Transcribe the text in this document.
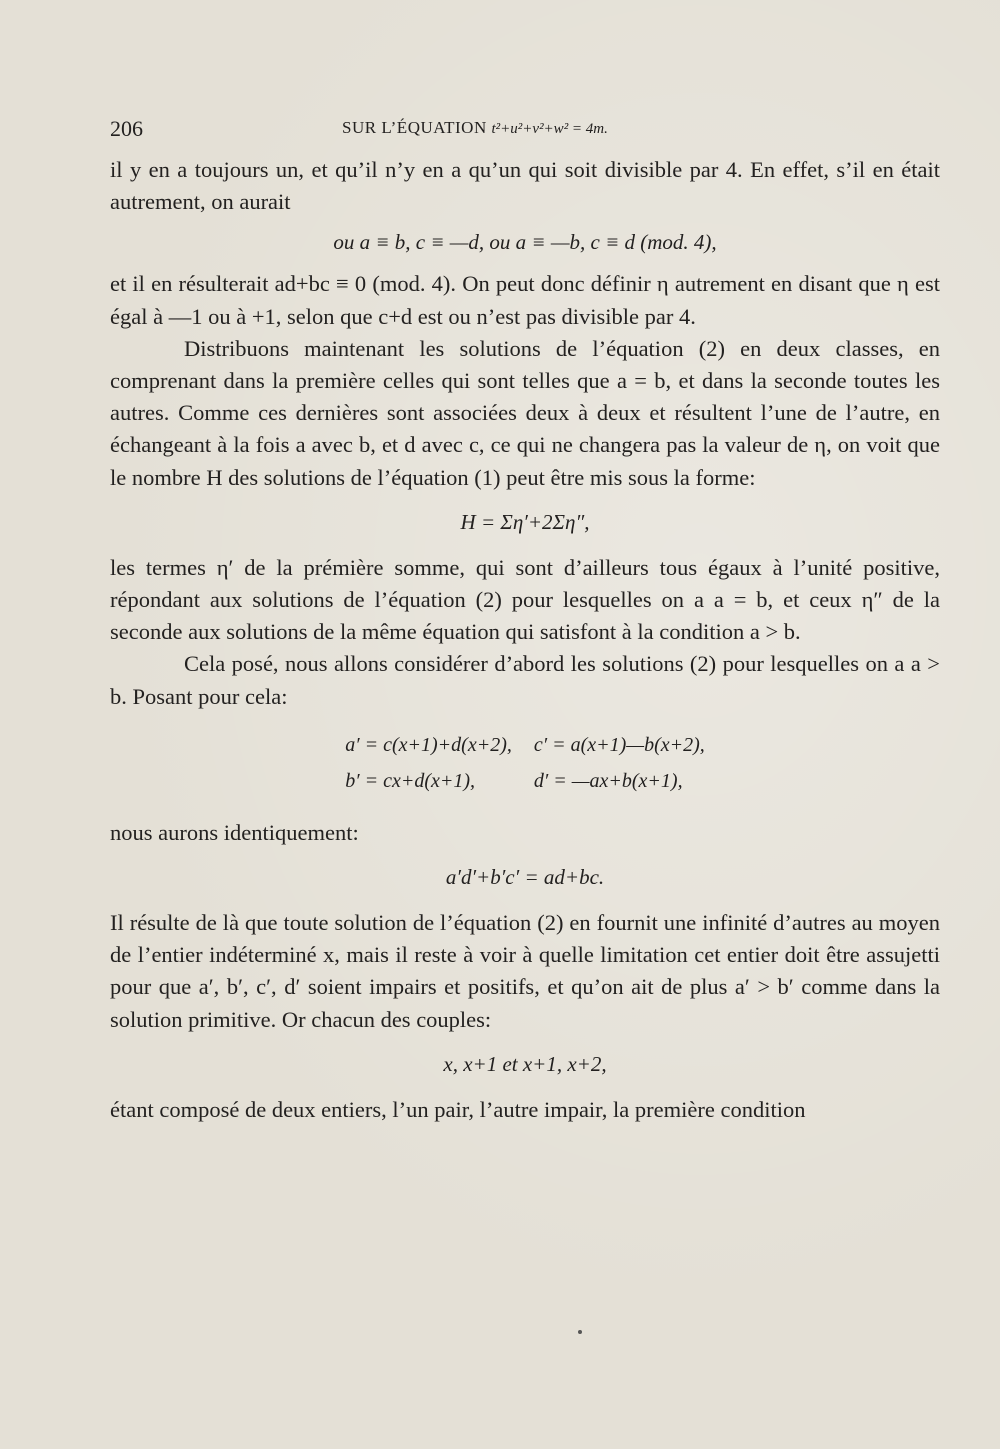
206	SUR L’ÉQUATION t²+u²+v²+w² = 4m.

il y en a toujours un, et qu’il n’y en a qu’un qui soit divisible par 4. En effet, s’il en était autrement, on aurait

ou a ≡ b, c ≡ —d, ou a ≡ —b, c ≡ d (mod. 4),

et il en résulterait ad+bc ≡ 0 (mod. 4). On peut donc définir η autrement en disant que η est égal à —1 ou à +1, selon que c+d est ou n’est pas divisible par 4.

Distribuons maintenant les solutions de l’équation (2) en deux classes, en comprenant dans la première celles qui sont telles que a = b, et dans la seconde toutes les autres. Comme ces dernières sont associées deux à deux et résultent l’une de l’autre, en échangeant à la fois a avec b, et d avec c, ce qui ne changera pas la valeur de η, on voit que le nombre H des solutions de l’équation (1) peut être mis sous la forme:

H = Ση′+2Ση″,

les termes η′ de la prémière somme, qui sont d’ailleurs tous égaux à l’unité positive, répondant aux solutions de l’équation (2) pour lesquelles on a a = b, et ceux η″ de la seconde aux solutions de la même équation qui satisfont à la condition a > b.

Cela posé, nous allons considérer d’abord les solutions (2) pour lesquelles on a a > b. Posant pour cela:

a′ = c(x+1)+d(x+2),
b′ = cx+d(x+1),
c′ = a(x+1)—b(x+2),
d′ = —ax+b(x+1),

nous aurons identiquement:

a′d′+b′c′ = ad+bc.

Il résulte de là que toute solution de l’équation (2) en fournit une infinité d’autres au moyen de l’entier indéterminé x, mais il reste à voir à quelle limitation cet entier doit être assujetti pour que a′, b′, c′, d′ soient impairs et positifs, et qu’on ait de plus a′ > b′ comme dans la solution primitive. Or chacun des couples:

x, x+1 et x+1, x+2,

étant composé de deux entiers, l’un pair, l’autre impair, la première condition
